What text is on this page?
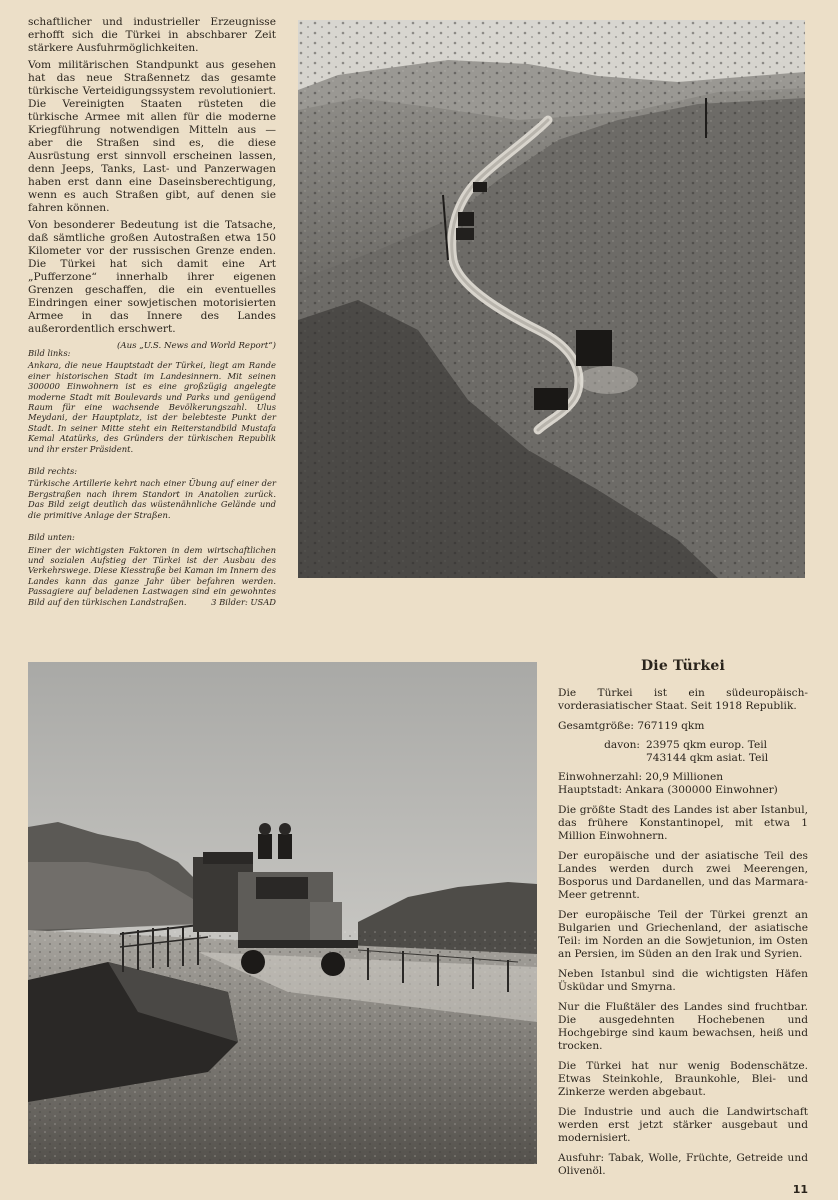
schaftlicher und industrieller Erzeugnisse erhofft sich die Türkei in abschbarer Zeit stärkere Ausfuhrmöglichkeiten.

Vom militärischen Standpunkt aus gesehen hat das neue Straßennetz das gesamte türkische Verteidigungssystem revolutioniert. Die Vereinigten Staaten rüsteten die türkische Armee mit allen für die moderne Kriegführung notwendigen Mitteln aus — aber die Straßen sind es, die diese Ausrüstung erst sinnvoll erscheinen lassen, denn Jeeps, Tanks, Last- und Panzerwagen haben erst dann eine Daseinsberechtigung, wenn es auch Straßen gibt, auf denen sie fahren können.

Von besonderer Bedeutung ist die Tatsache, daß sämtliche großen Autostraßen etwa 150 Kilometer vor der russischen Grenze enden. Die Türkei hat sich damit eine Art „Pufferzone“ innerhalb ihrer eigenen Grenzen geschaffen, die ein eventuelles Eindringen einer sowjetischen motorisierten Armee in das Innere des Landes außerordentlich erschwert.

(Aus „U.S. News and World Report“)

Bild links:

Ankara, die neue Hauptstadt der Türkei, liegt am Rande einer historischen Stadt im Landesinnern. Mit seinen 300000 Einwohnern ist es eine großzügig angelegte moderne Stadt mit Boulevards und Parks und genügend Raum für eine wachsende Bevölkerungszahl. Ulus Meydani, der Hauptplatz, ist der belebteste Punkt der Stadt. In seiner Mitte steht ein Reiterstandbild Mustafa Kemal Atatürks, des Gründers der türkischen Republik und ihr erster Präsident.

Bild rechts:

Türkische Artillerie kehrt nach einer Übung auf einer der Bergstraßen nach ihrem Standort in Anatolien zurück. Das Bild zeigt deutlich das wüstenähnliche Gelände und die primitive Anlage der Straßen.

Bild unten:

Einer der wichtigsten Faktoren in dem wirtschaftlichen und sozialen Aufstieg der Türkei ist der Ausbau des Verkehrswege. Diese Kiesstraße bei Kaman im Innern des Landes kann das ganze Jahr über befahren werden. Passagiere auf beladenen Lastwagen sind ein gewohntes Bild auf den türkischen Landstraßen.	3 Bilder: USAD

Die Türkei

Die Türkei ist ein südeuropäisch-vorderasiatischer Staat. Seit 1918 Republik.

Gesamtgröße:
767119 qkm
davon: 23975 qkm europ. Teil
743144 qkm asiat. Teil
Einwohnerzahl: 20,9 Millionen

Hauptstadt: Ankara (300000 Einwohner)

Die größte Stadt des Landes ist aber Istanbul, das frühere Konstantinopel, mit etwa 1 Million Einwohnern.

Der europäische und der asiatische Teil des Landes werden durch zwei Meerengen, Bosporus und Dardanellen, und das Marmara-Meer getrennt.

Der europäische Teil der Türkei grenzt an Bulgarien und Griechenland, der asiatische Teil: im Norden an die Sowjetunion, im Osten an Persien, im Süden an den Irak und Syrien.

Neben Istanbul sind die wichtigsten Häfen Üsküdar und Smyrna.

Nur die Flußtäler des Landes sind fruchtbar. Die ausgedehnten Hochebenen und Hochgebirge sind kaum bewachsen, heiß und trocken.

Die Türkei hat nur wenig Bodenschätze. Etwas Steinkohle, Braunkohle, Blei- und Zinkerze werden abgebaut.

Die Industrie und auch die Landwirtschaft werden erst jetzt stärker ausgebaut und modernisiert.

Ausfuhr: Tabak, Wolle, Früchte, Getreide und Olivenöl.

11
